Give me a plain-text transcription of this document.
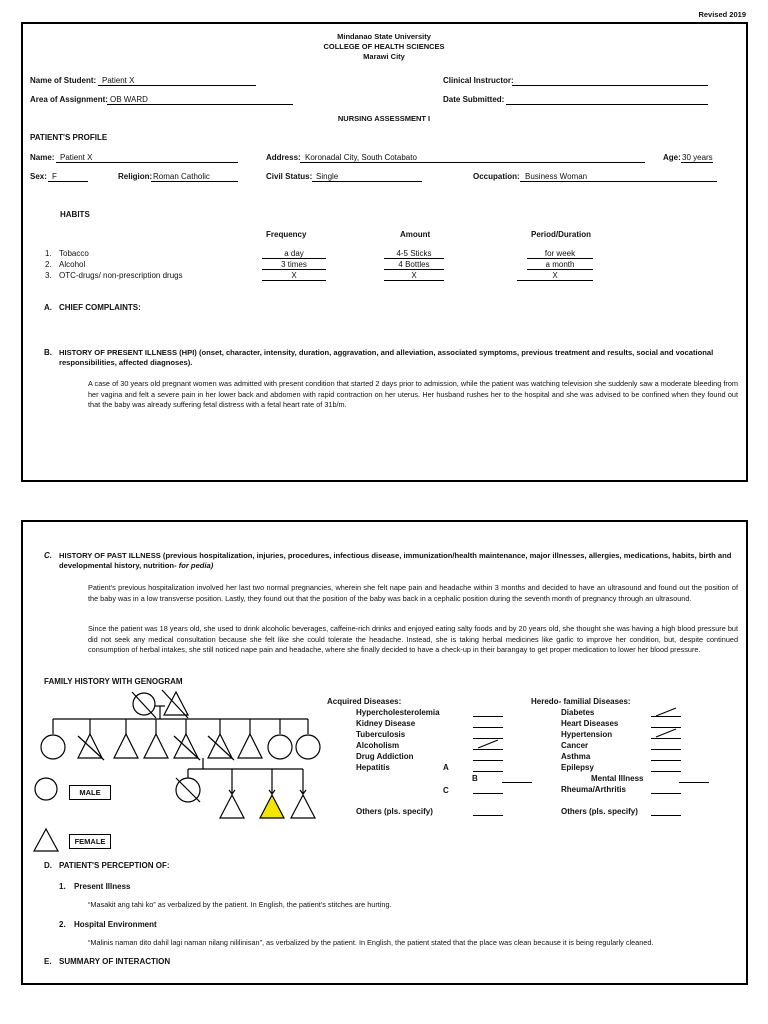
Revised 2019
Mindanao State University
COLLEGE OF HEALTH SCIENCES
Marawi City
Name of Student: Patient X	Clinical Instructor:
Area of Assignment: OB WARD	Date Submitted:
NURSING ASSESSMENT I
PATIENT'S PROFILE
Name: Patient X	Address: Koronadal City, South Cotabato	Age: 30 years
Sex: F	Religion: Roman Catholic	Civil Status: Single	Occupation: Business Woman
HABITS
Frequency	Amount	Period/Duration
1. Tobacco	a day	4-5 Sticks	for week
2. Alcohol	3 times	4 Bottles	a month
3. OTC-drugs/ non-prescription drugs	X	X	X
A. CHIEF COMPLAINTS:
B. HISTORY OF PRESENT ILLNESS (HPI) (onset, character, intensity, duration, aggravation, and alleviation, associated symptoms, previous treatment and results, social and vocational responsibilities, affected diagnoses).
A case of 30 years old pregnant women was admitted with present condition that started 2 days prior to admission, while the patient was watching television she suddenly saw a moderate bleeding from her vagina and felt a severe pain in her lower back and abdomen with rapid contraction on her uterus. Her husband rushes her to the hospital and she was advised to be confined when they found out that the baby was already suffering fetal distress with a fetal heart rate of 31b/m.
C. HISTORY OF PAST ILLNESS (previous hospitalization, injuries, procedures, infectious disease, immunization/health maintenance, major illnesses, allergies, medications, habits, birth and developmental history, nutrition- for pedia)
Patient's previous hospitalization involved her last two normal pregnancies, wherein she felt nape pain and headache within 3 months and decided to have an ultrasound and found out the position of the baby was in a low transverse position. Lastly, they found out that the position of the baby was back in a cephalic position during the seventh month of pregnancy through an ultrasound.
Since the patient was 18 years old, she used to drink alcoholic beverages, caffeine-rich drinks and enjoyed eating salty foods and by 20 years old, she thought she was having a high blood pressure but did not seek any medical consultation because she felt like she could tolerate the headache. Instead, she is taking herbal medicines like garlic to improve her condition, but, despite continued consumption of herbal intakes, she still noticed nape pain and headache, where she finally decided to have a check-up in their barangay to get proper medication to lower her blood pressure.
FAMILY HISTORY WITH GENOGRAM
MALE
FEMALE
Acquired Diseases:
Hypercholesterolemia
Kidney Disease
Tuberculosis
Alcoholism
Drug Addiction
Hepatitis	A
B
C
Others (pls. specify)
Heredo- familial Diseases:
Diabetes
Heart Diseases
Hypertension
Cancer
Asthma
Epilepsy
Mental Illness
Rheuma/Arthritis
Others (pls. specify)
D. PATIENT'S PERCEPTION OF:
1. Present Illness
“Masakit ang tahi ko” as verbalized by the patient. In English, the patient's stitches are hurting.
2. Hospital Environment
“Malinis naman dito dahil lagi naman nilang nililinisan”, as verbalized by the patient. In English, the patient stated that the place was clean because it is being regularly cleaned.
E. SUMMARY OF INTERACTION
